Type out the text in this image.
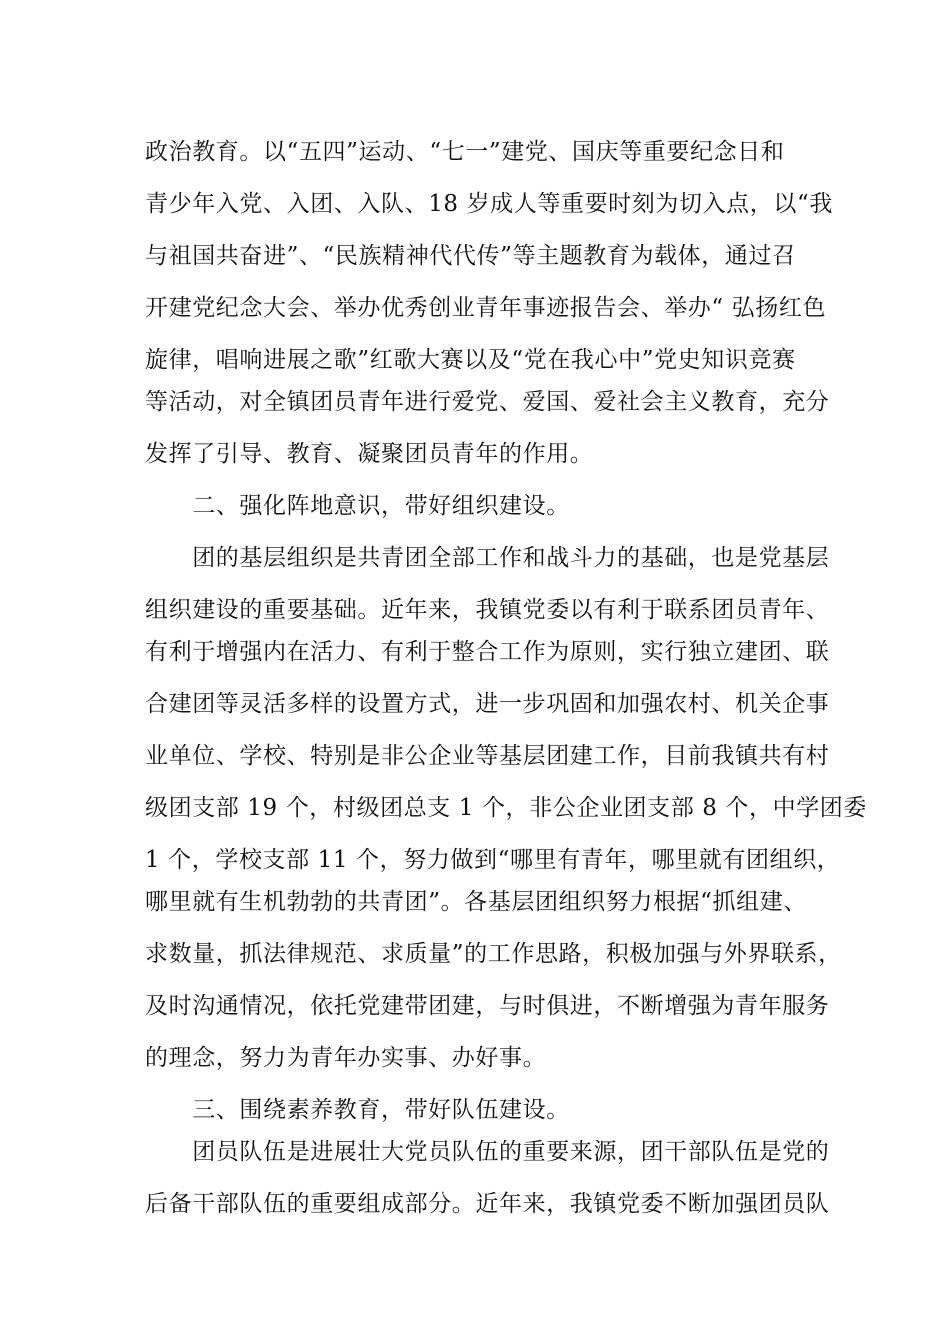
政治教育。以“五四”运动、“七一”建党、国庆等重要纪念日和
青少年入党、入团、入队、18 岁成人等重要时刻为切入点，以“我
与祖国共奋进”、“民族精神代代传”等主题教育为载体，通过召
开建党纪念大会、举办优秀创业青年事迹报告会、举办“ 弘扬红色
旋律，唱响进展之歌”红歌大赛以及“党在我心中”党史知识竞赛
等活动，对全镇团员青年进行爱党、爱国、爱社会主义教育，充分
发挥了引导、教育、凝聚团员青年的作用。
　　二、强化阵地意识，带好组织建设。
　　团的基层组织是共青团全部工作和战斗力的基础，也是党基层
组织建设的重要基础。近年来，我镇党委以有利于联系团员青年、
有利于增强内在活力、有利于整合工作为原则，实行独立建团、联
合建团等灵活多样的设置方式，进一步巩固和加强农村、机关企事
业单位、学校、特别是非公企业等基层团建工作，目前我镇共有村
级团支部 19 个，村级团总支 1 个，非公企业团支部 8 个，中学团委
1 个，学校支部 11 个，努力做到“哪里有青年，哪里就有团组织，
哪里就有生机勃勃的共青团”。各基层团组织努力根据“抓组建、
求数量，抓法律规范、求质量”的工作思路，积极加强与外界联系，
及时沟通情况，依托党建带团建，与时俱进，不断增强为青年服务
的理念，努力为青年办实事、办好事。
　　三、围绕素养教育，带好队伍建设。
　　团员队伍是进展壮大党员队伍的重要来源，团干部队伍是党的
后备干部队伍的重要组成部分。近年来，我镇党委不断加强团员队
